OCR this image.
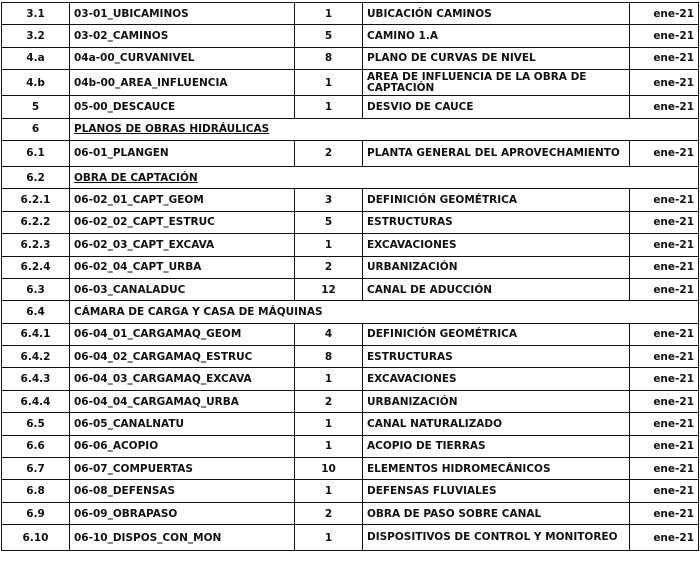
3.1	03-01_UBICAMINOS	1	UBICACIÓN CAMINOS	ene-21
3.2	03-02_CAMINOS	5	CAMINO 1.A	ene-21
4.a	04a-00_CURVANIVEL	8	PLANO DE CURVAS DE NIVEL	ene-21
4.b	04b-00_AREA_INFLUENCIA	1	AREA DE INFLUENCIA DE LA OBRA DE CAPTACIÓN	ene-21
5	05-00_DESCAUCE	1	DESVIO DE CAUCE	ene-21
6	PLANOS DE OBRAS HIDRÁULICAS			
6.1	06-01_PLANGEN	2	PLANTA GENERAL DEL APROVECHAMIENTO	ene-21
6.2	OBRA DE CAPTACIÓN			
6.2.1	06-02_01_CAPT_GEOM	3	DEFINICIÓN GEOMÉTRICA	ene-21
6.2.2	06-02_02_CAPT_ESTRUC	5	ESTRUCTURAS	ene-21
6.2.3	06-02_03_CAPT_EXCAVA	1	EXCAVACIONES	ene-21
6.2.4	06-02_04_CAPT_URBA	2	URBANIZACIÓN	ene-21
6.3	06-03_CANALADUC	12	CANAL DE ADUCCIÓN	ene-21
6.4	CÁMARA DE CARGA Y CASA DE MÁQUINAS			
6.4.1	06-04_01_CARGAMAQ_GEOM	4	DEFINICIÓN GEOMÉTRICA	ene-21
6.4.2	06-04_02_CARGAMAQ_ESTRUC	8	ESTRUCTURAS	ene-21
6.4.3	06-04_03_CARGAMAQ_EXCAVA	1	EXCAVACIONES	ene-21
6.4.4	06-04_04_CARGAMAQ_URBA	2	URBANIZACIÓN	ene-21
6.5	06-05_CANALNATU	1	CANAL NATURALIZADO	ene-21
6.6	06-06_ACOPIO	1	ACOPIO DE TIERRAS	ene-21
6.7	06-07_COMPUERTAS	10	ELEMENTOS HIDROMECÁNICOS	ene-21
6.8	06-08_DEFENSAS	1	DEFENSAS FLUVIALES	ene-21
6.9	06-09_OBRAPASO	2	OBRA DE PASO SOBRE CANAL	ene-21
6.10	06-10_DISPOS_CON_MON	1	DISPOSITIVOS DE CONTROL Y MONITOREO	ene-21
